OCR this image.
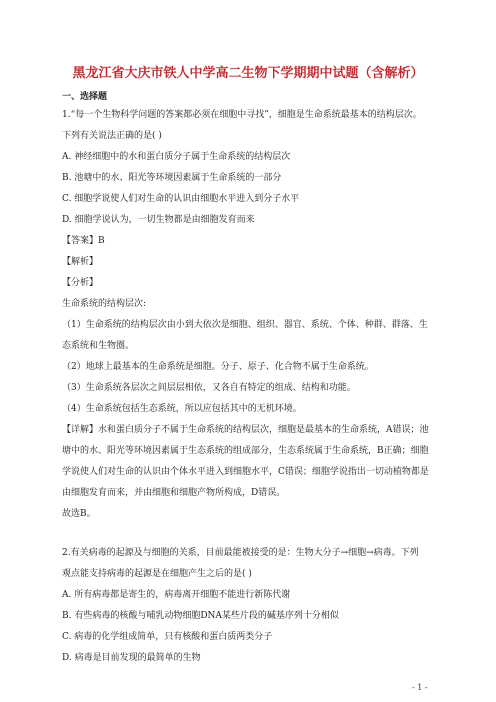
黑龙江省大庆市铁人中学高二生物下学期期中试题（含解析）
一、选择题
1.“每一个生物科学问题的答案都必须在细胞中寻找”，细胞是生命系统最基本的结构层次。
下列有关说法正确的是( )
A. 神经细胞中的水和蛋白质分子属于生命系统的结构层次
B. 池塘中的水、阳光等环境因素属于生命系统的一部分
C. 细胞学说使人们对生命的认识由细胞水平进入到分子水平
D. 细胞学说认为，一切生物都是由细胞发育而来
【答案】B
【解析】
【分析】
生命系统的结构层次:
（1）生命系统的结构层次由小到大依次是细胞、组织、器官、系统、个体、种群、群落、生
态系统和生物圈。
（2）地球上最基本的生命系统是细胞。分子、原子、化合物不属于生命系统。
（3）生命系统各层次之间层层相依，又各自有特定的组成、结构和功能。
（4）生命系统包括生态系统，所以应包括其中的无机环境。
【详解】水和蛋白质分子不属于生命系统的结构层次，细胞是最基本的生命系统，A错误；池
塘中的水、阳光等环境因素属于生态系统的组成部分，生态系统属于生命系统，B正确；细胞
学说使人们对生命的认识由个体水平进入到细胞水平，C错误；细胞学说指出一切动植物都是
由细胞发育而来，并由细胞和细胞产物所构成，D错误。
故选B。
2.有关病毒的起源及与细胞的关系，目前最能被接受的是：生物大分子→细胞→病毒。下列
观点能支持病毒的起源是在细胞产生之后的是( )
A. 所有病毒都是寄生的，病毒离开细胞不能进行新陈代谢
B. 有些病毒的核酸与哺乳动物细胞DNA某些片段的碱基序列十分相似
C. 病毒的化学组成简单，只有核酸和蛋白质两类分子
D. 病毒是目前发现的最简单的生物
- 1 -
